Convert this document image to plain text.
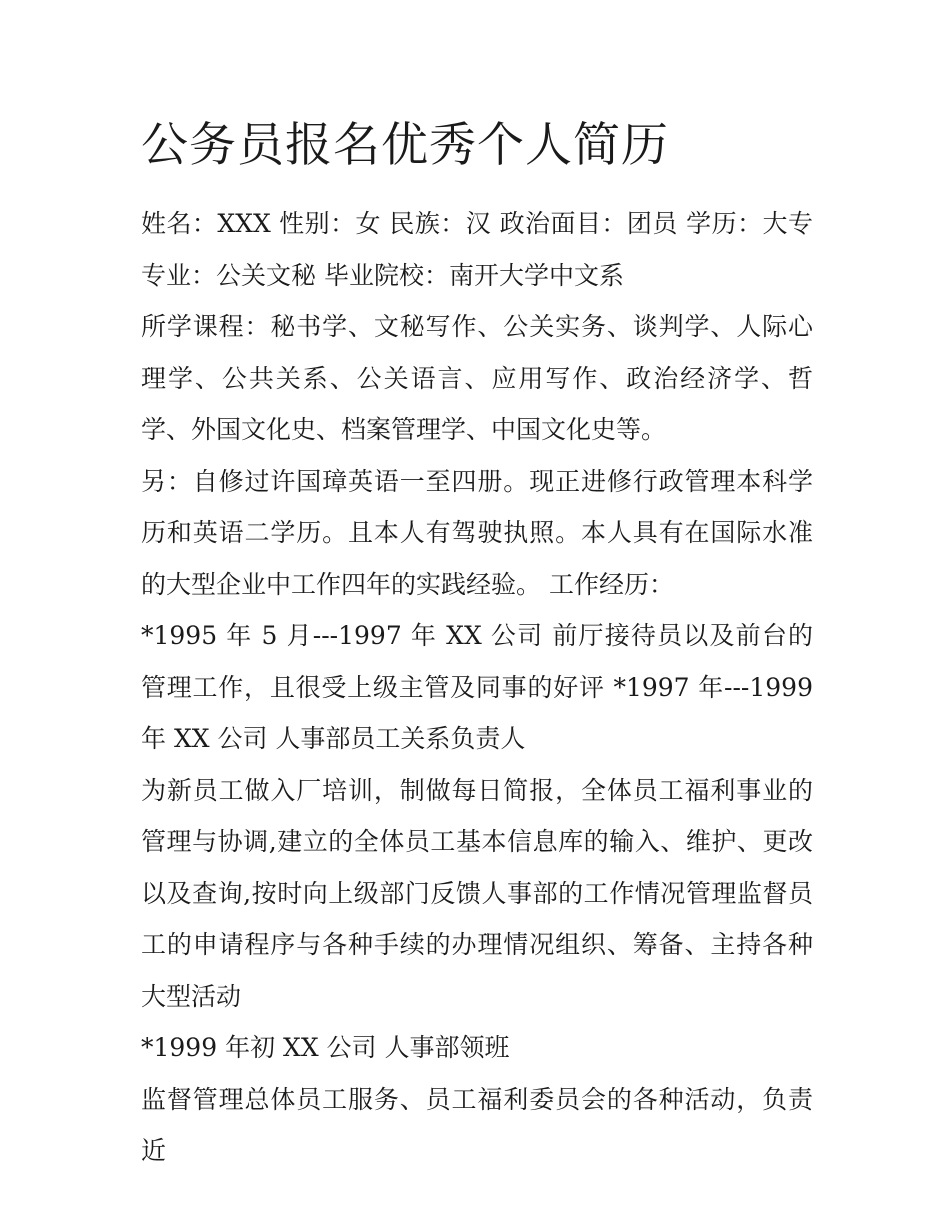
公务员报名优秀个人简历

姓名：XXX 性别：女 民族：汉 政治面目：团员 学历：大专 专业：公关文秘 毕业院校：南开大学中文系

所学课程：秘书学、文秘写作、公关实务、谈判学、人际心理学、公共关系、公关语言、应用写作、政治经济学、哲学、外国文化史、档案管理学、中国文化史等。

另：自修过许国璋英语一至四册。现正进修行政管理本科学历和英语二学历。且本人有驾驶执照。本人具有在国际水准的大型企业中工作四年的实践经验。 工作经历：

*1995 年 5 月---1997 年 XX 公司 前厅接待员以及前台的管理工作，且很受上级主管及同事的好评 *1997 年---1999 年 XX 公司 人事部员工关系负责人

为新员工做入厂培训，制做每日简报，全体员工福利事业的管理与协调,建立的全体员工基本信息库的输入、维护、更改以及查询,按时向上级部门反馈人事部的工作情况管理监督员工的申请程序与各种手续的办理情况组织、筹备、主持各种大型活动

*1999 年初 XX 公司 人事部领班

监督管理总体员工服务、员工福利委员会的各种活动，负责近
